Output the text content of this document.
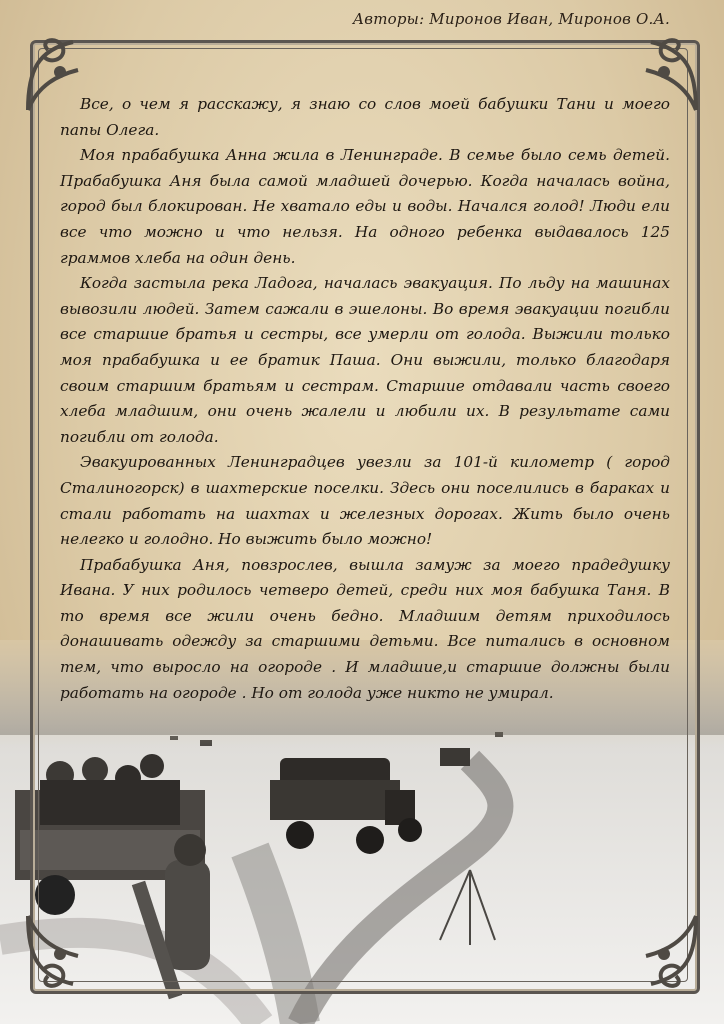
Авторы: Миронов Иван, Миронов О.А.

Все, о чем я расскажу, я знаю со слов моей бабушки Тани и моего папы Олега.

Моя прабабушка Анна жила в Ленинграде. В семье было семь детей. Прабабушка Аня была самой младшей дочерью. Когда началась война, город был блокирован. Не хватало еды и воды. Начался голод! Люди ели все что можно и что нельзя. На одного ребенка выдавалось 125 граммов хлеба на один день.

Когда застыла река Ладога, началась эвакуация. По льду на машинах вывозили людей. Затем сажали в эшелоны. Во время эвакуации погибли все старшие братья и сестры, все умерли от голода. Выжили только моя прабабушка и ее братик Паша. Они выжили, только благодаря своим старшим братьям и сестрам. Старшие отдавали часть своего хлеба младшим, они очень жалели и любили их. В результате сами погибли от голода.

Эвакуированных Ленинградцев увезли за 101-й километр ( город Сталиногорск) в шахтерские поселки. Здесь они поселились в бараках и стали работать на шахтах и железных дорогах. Жить было очень нелегко и голодно. Но выжить было можно!

Прабабушка Аня, повзрослев, вышла замуж за моего прадедушку Ивана. У них родилось четверо детей, среди них моя бабушка Таня. В то время все жили очень бедно. Младшим детям приходилось донашивать одежду за старшими детьми. Все питались в основном тем, что выросло на огороде . И младшие,и старшие должны были работать на огороде . Но от голода уже никто не умирал.
